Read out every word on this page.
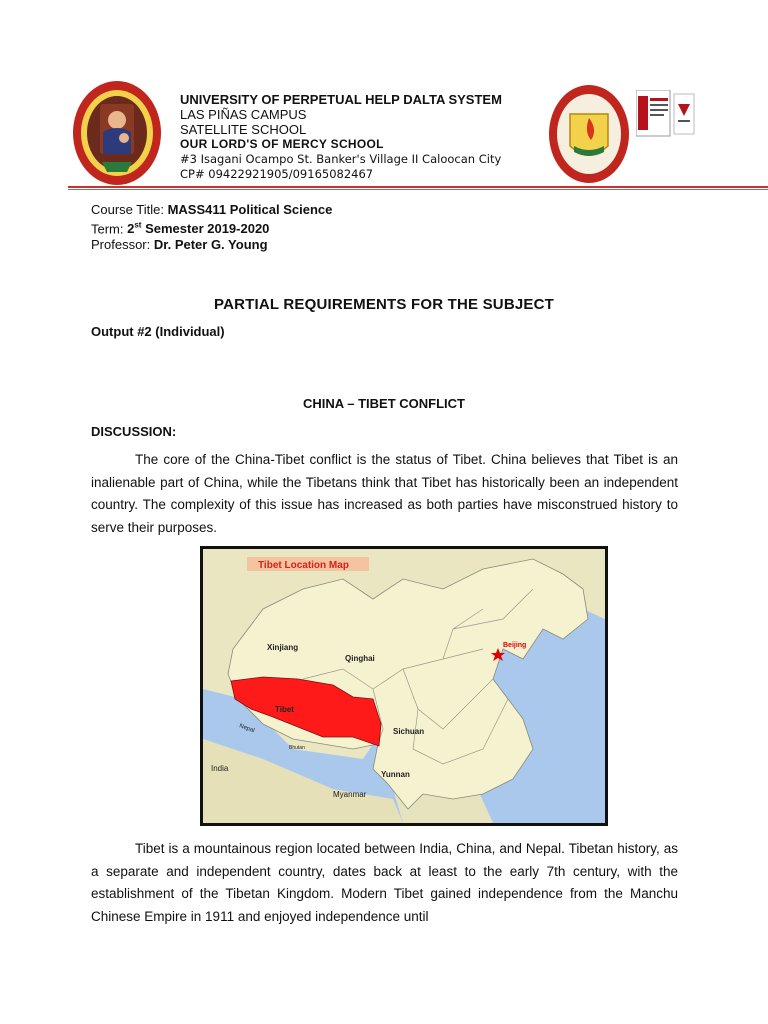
UNIVERSITY OF PERPETUAL HELP DALTA SYSTEM
LAS PIÑAS CAMPUS
SATELLITE SCHOOL
OUR LORD'S OF MERCY SCHOOL
#3 Isagani Ocampo St. Banker's Village II Caloocan City
CP# 09422921905/09165082467
Course Title: MASS411 Political Science
Term: 2st Semester 2019-2020
Professor: Dr. Peter G. Young
PARTIAL REQUIREMENTS FOR THE SUBJECT
Output #2 (Individual)
CHINA – TIBET CONFLICT
DISCUSSION:

The core of the China-Tibet conflict is the status of Tibet. China believes that Tibet is an inalienable part of China, while the Tibetans think that Tibet has historically been an independent country. The complexity of this issue has increased as both parties have misconstrued history to serve their purposes.

Tibet Location Map
Xinjiang
Qinghai
Tibet
Sichuan
Yunnan
India
Myanmar
Beijing
Nepal
Bhutan

Tibet is a mountainous region located between India, China, and Nepal. Tibetan history, as a separate and independent country, dates back at least to the early 7th century, with the establishment of the Tibetan Kingdom. Modern Tibet gained independence from the Manchu Chinese Empire in 1911 and enjoyed independence until
